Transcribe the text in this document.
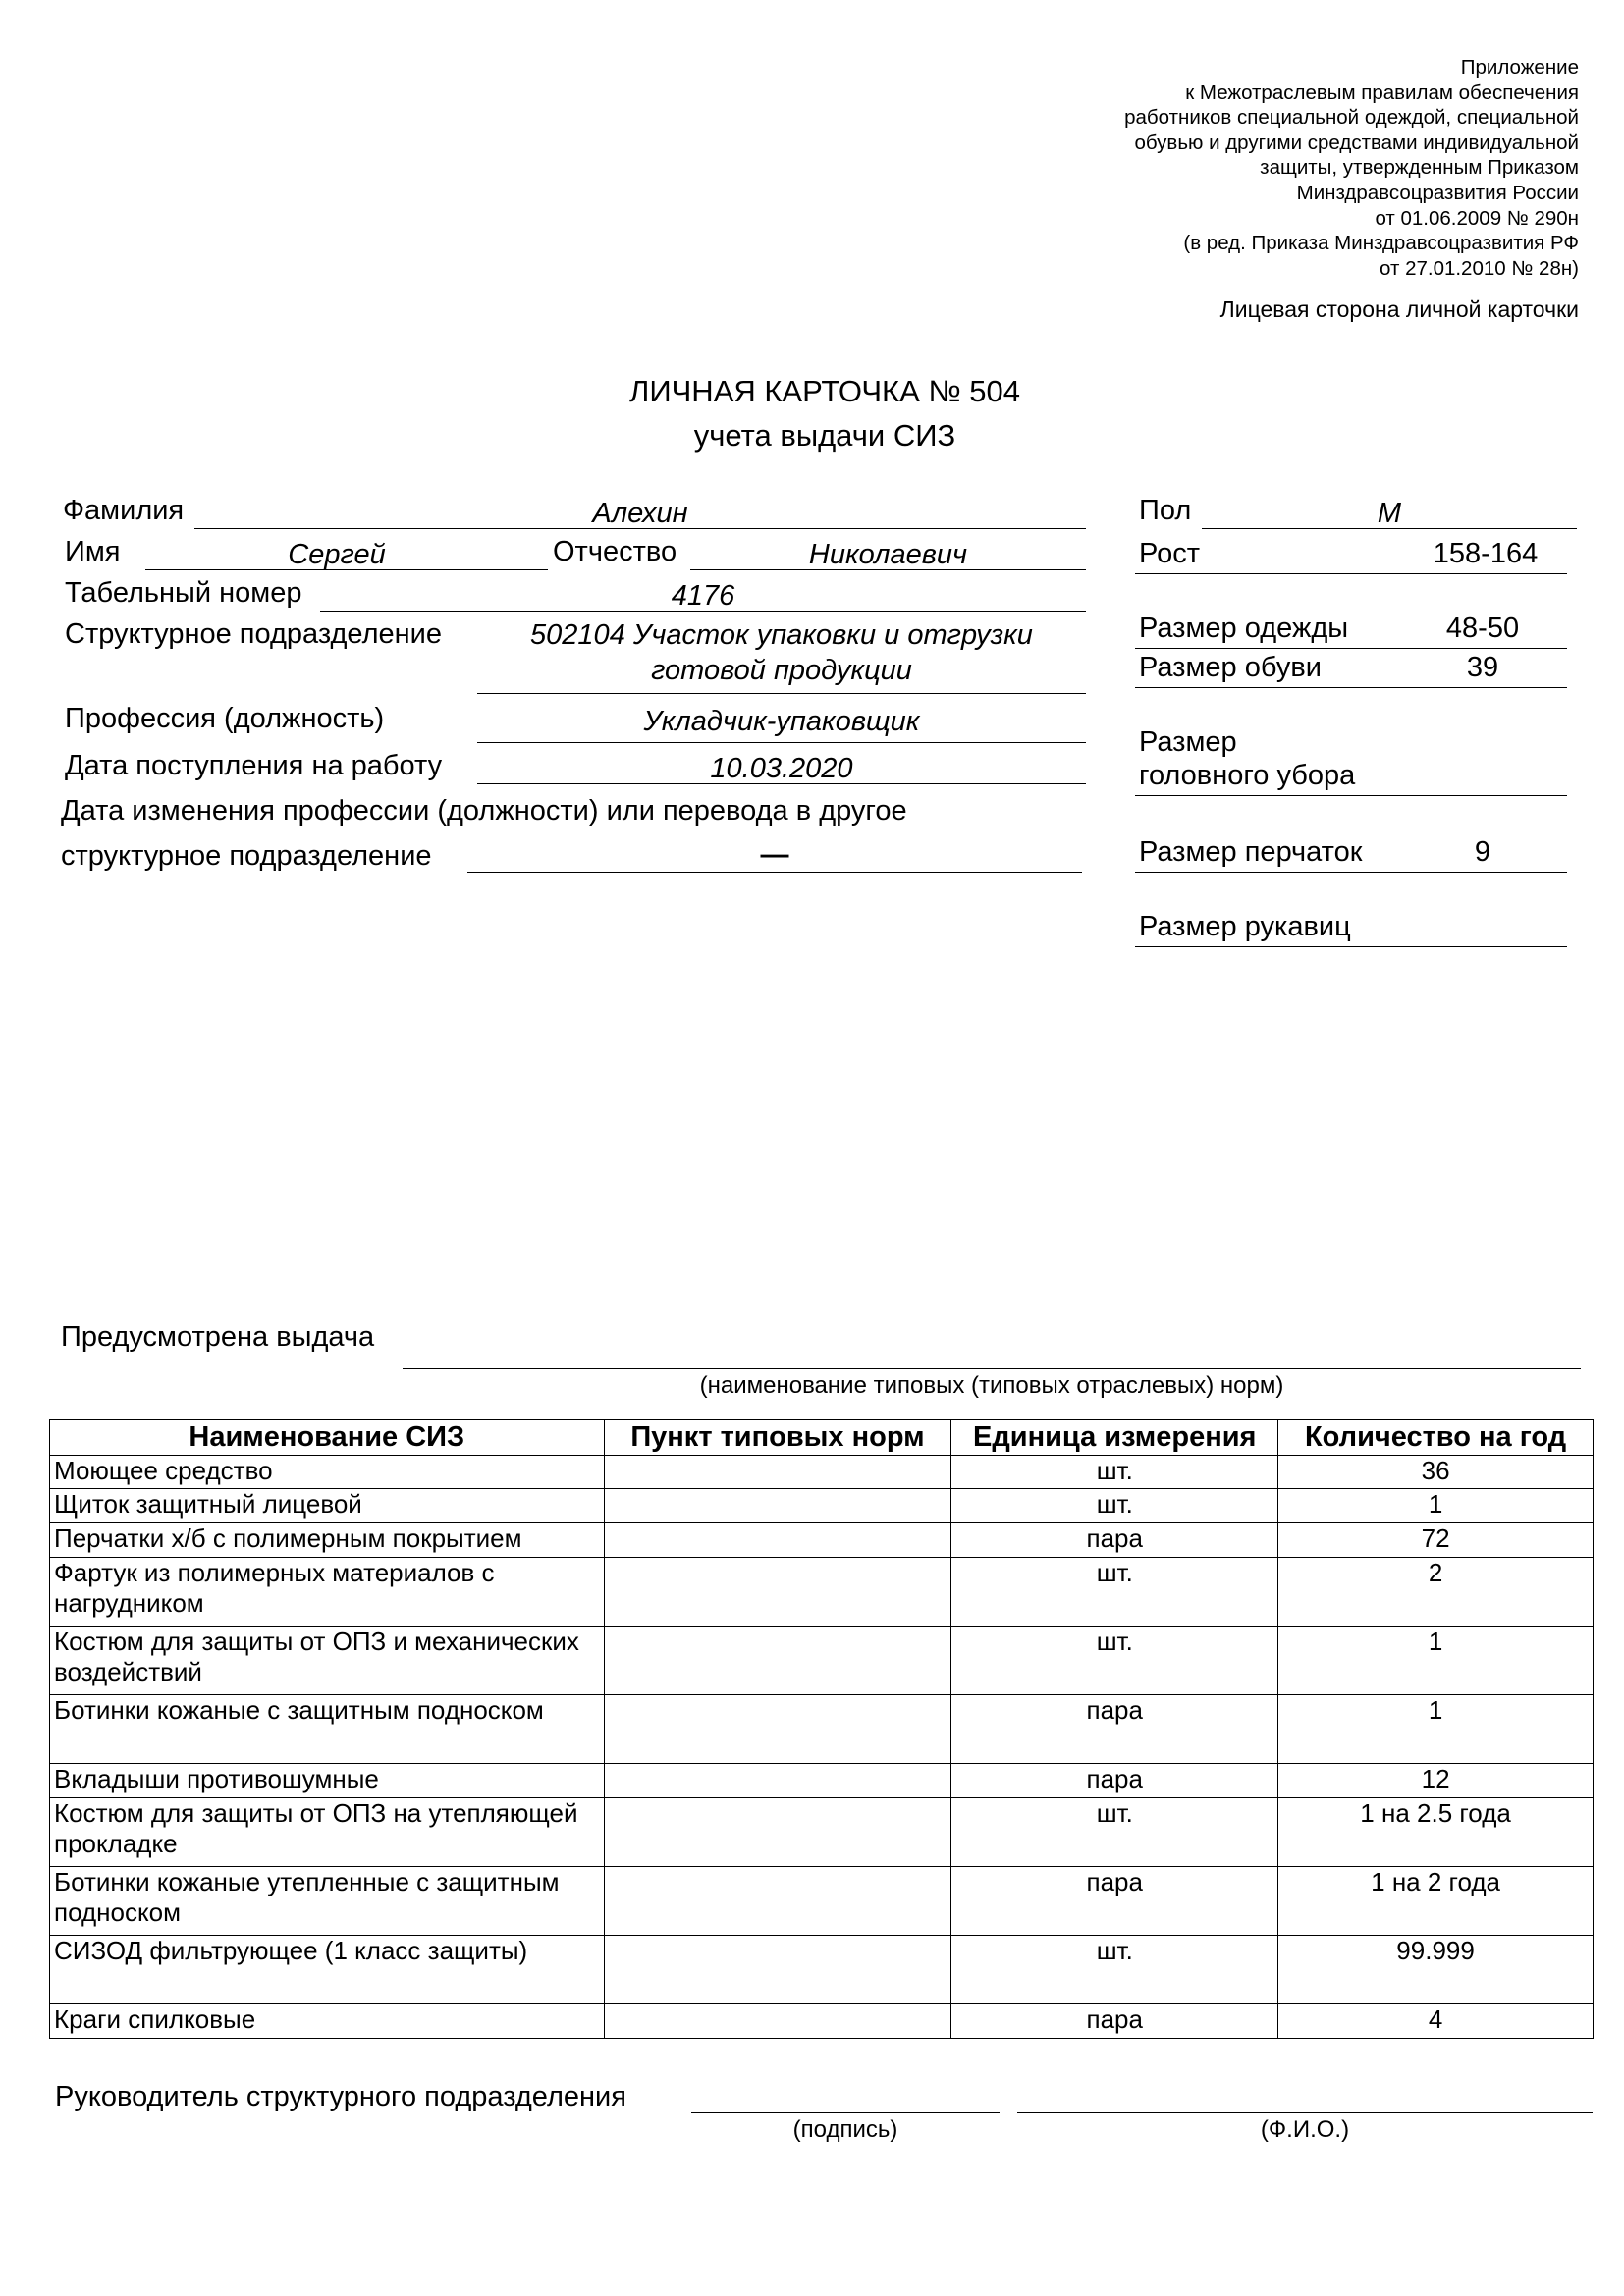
Приложение
к Межотраслевым правилам обеспечения
работников специальной одеждой, специальной
обувью и другими средствами индивидуальной
защиты, утвержденным Приказом
Минздравсоцразвития России
от 01.06.2009 № 290н
(в ред. Приказа Минздравсоцразвития РФ
от 27.01.2010 № 28н)
Лицевая сторона личной карточки
ЛИЧНАЯ КАРТОЧКА № 504
учета выдачи СИЗ
Фамилия	Алехин
Имя	Сергей	Отчество	Николаевич
Табельный номер	4176
Структурное подразделение	502104 Участок упаковки и отгрузки
готовой продукции
Профессия (должность)	Укладчик-упаковщик
Дата поступления на работу	10.03.2020
Дата изменения профессии (должности) или перевода в другое
структурное подразделение	—
Пол	М
Рост	158-164
Размер одежды	48-50
Размер обуви	39
Размер
головного убора
Размер перчаток	9
Размер рукавиц
Предусмотрена выдача
(наименование типовых (типовых отраслевых) норм)
Наименование СИЗ	Пункт типовых норм	Единица измерения	Количество на год
Моющее средство		шт.	36
Щиток защитный лицевой		шт.	1
Перчатки х/б с полимерным покрытием		пара	72
Фартук из полимерных материалов с нагрудником		шт.	2
Костюм для защиты от ОПЗ и механических воздействий		шт.	1
Ботинки кожаные с защитным подноском		пара	1
Вкладыши противошумные		пара	12
Костюм для защиты от ОПЗ на утепляющей прокладке		шт.	1 на 2.5 года
Ботинки кожаные утепленные с защитным подноском		пара	1 на 2 года
СИЗОД фильтрующее (1 класс защиты)		шт.	99.999
Краги спилковые		пара	4
Руководитель структурного подразделения
(подпись)	(Ф.И.О.)
